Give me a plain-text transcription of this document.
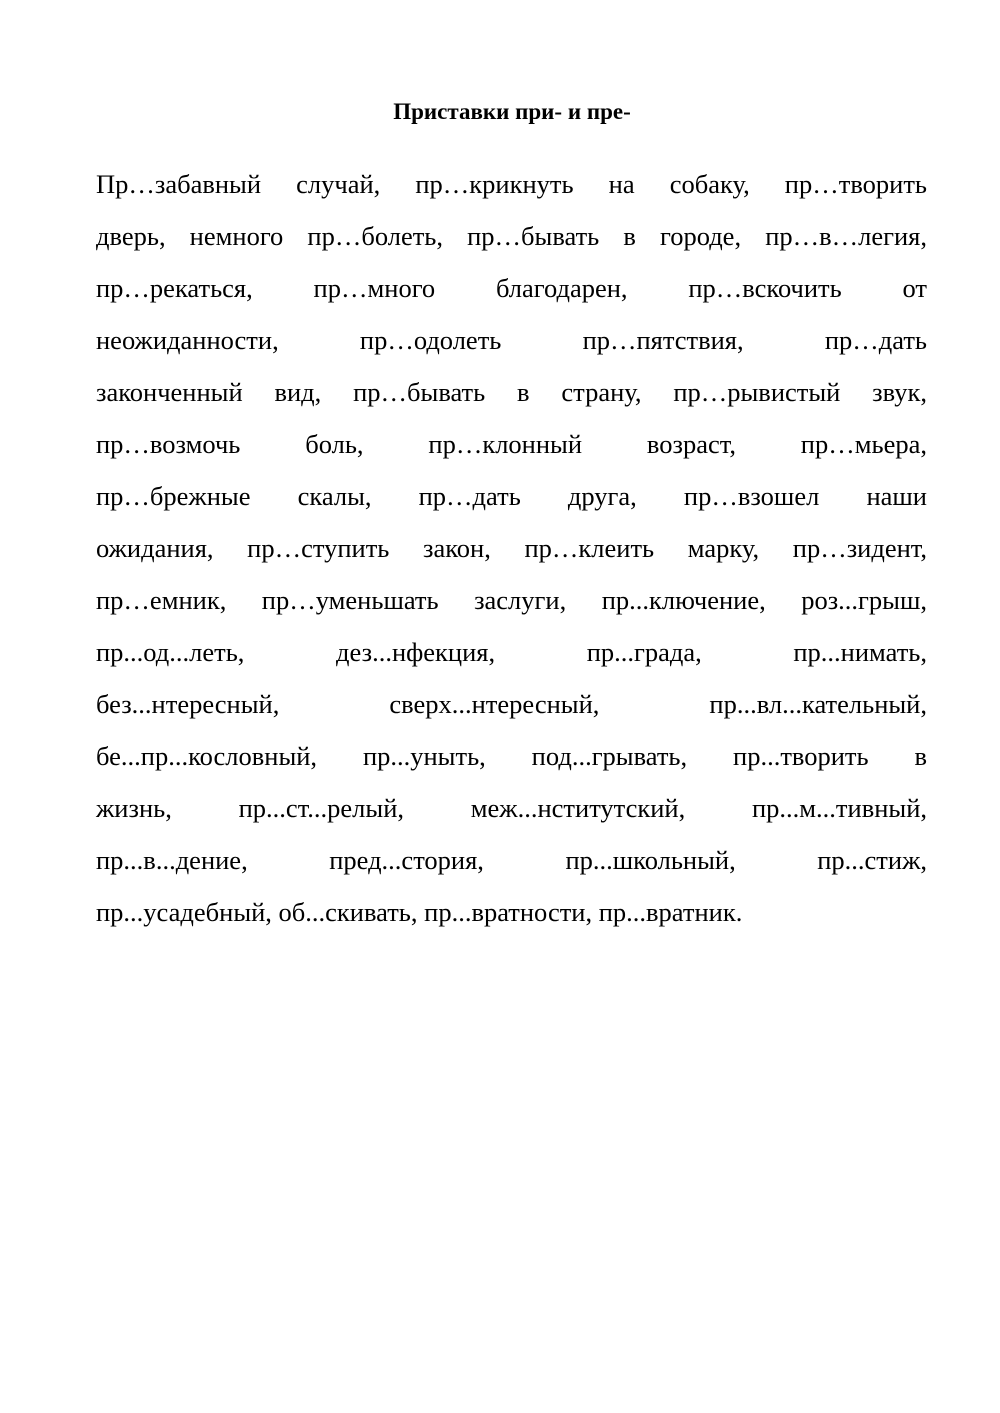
Приставки при- и пре-
Пр…забавный случай, пр…крикнуть на собаку, пр…творить
дверь, немного пр…болеть, пр…бывать в городе, пр…в…легия,
пр…рекаться, пр…много благодарен, пр…вскочить от
неожиданности, пр…одолеть пр…пятствия, пр…дать
законченный вид, пр…бывать в страну, пр…рывистый звук,
пр…возмочь боль, пр…клонный возраст, пр…мьера,
пр…брежные скалы, пр…дать друга, пр…взошел наши
ожидания, пр…ступить закон, пр…клеить марку, пр…зидент,
пр…емник, пр…уменьшать заслуги, пр...ключение, роз...грыш,
пр...од...леть, дез...нфекция, пр...града, пр...нимать,
без...нтересный, сверх...нтересный, пр...вл...кательный,
бе...пр...кословный, пр...уныть, под...грывать, пр...творить в
жизнь, пр...ст...релый, меж...нститутский, пр...м...тивный,
пр...в...дение, пред...стория, пр...школьный, пр...стиж,
пр...усадебный, об...скивать, пр...вратности, пр...вратник.
